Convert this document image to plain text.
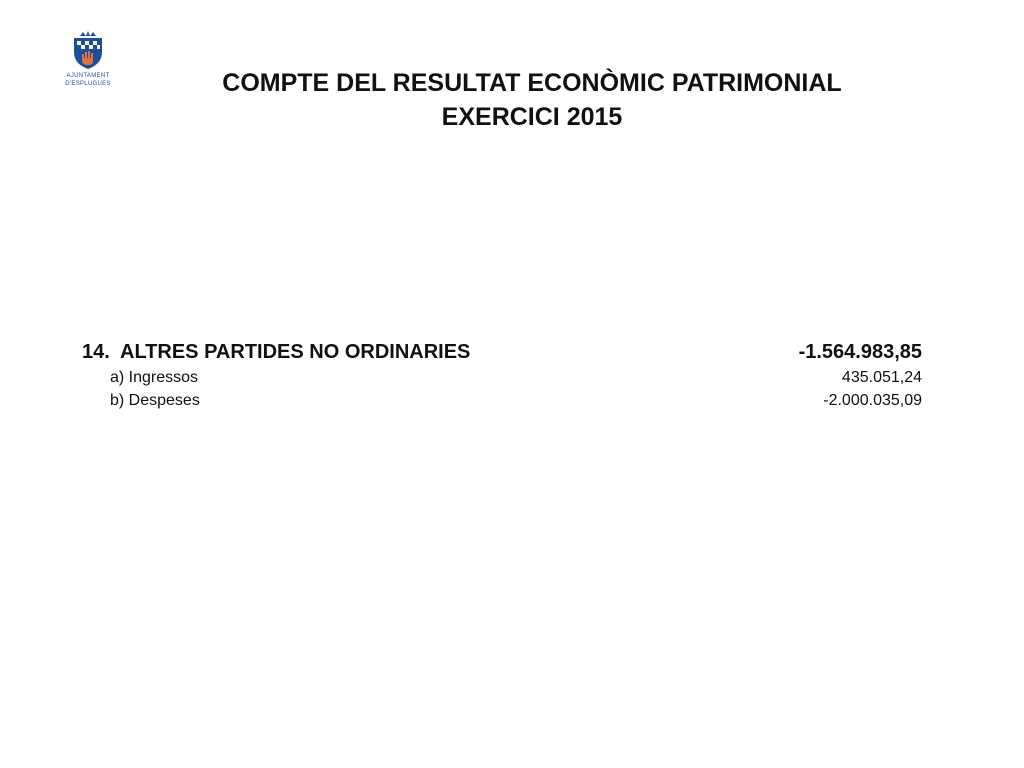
AJUNTAMENT
D'ESPLUGUES	COMPTE DEL RESULTAT ECONÒMIC PATRIMONIAL
EXERCICI 2015
14. ALTRES PARTIDES NO ORDINARIES	-1.564.983,85
a) Ingressos	435.051,24
b) Despeses	-2.000.035,09
